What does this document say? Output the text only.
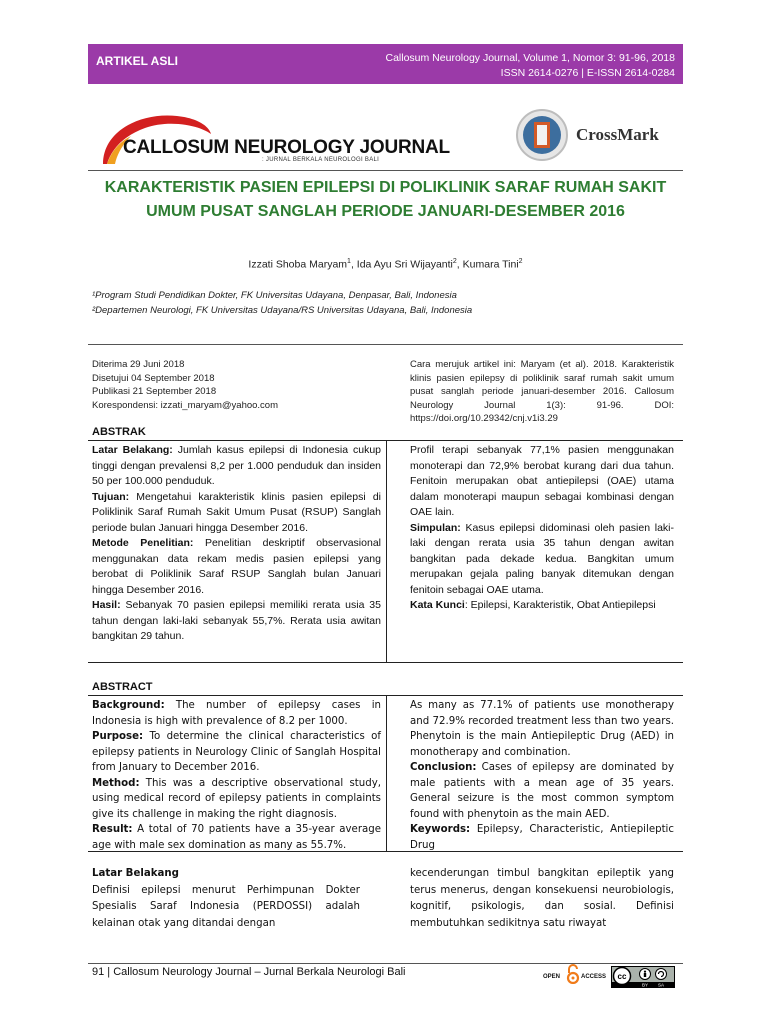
ARTIKEL ASLI	Callosum Neurology Journal, Volume 1, Nomor 3: 91-96, 2018
ISSN 2614-0276 | E-ISSN 2614-0284
CALLOSUM NEUROLOGY JOURNAL
: JURNAL BERKALA NEUROLOGI BALI
CrossMark
KARAKTERISTIK PASIEN EPILEPSI DI POLIKLINIK SARAF RUMAH SAKIT
UMUM PUSAT SANGLAH PERIODE JANUARI-DESEMBER 2016
Izzati Shoba Maryam$^1$, Ida Ayu Sri Wijayanti$^2$, Kumara Tini$^2$
¹Program Studi Pendidikan Dokter, FK Universitas Udayana, Denpasar, Bali, Indonesia
²Departemen Neurologi, FK Universitas Udayana/RS Universitas Udayana, Bali, Indonesia
Diterima 29 Juni 2018
Disetujui 04 September 2018
Publikasi 21 September 2018
Korespondensi: izzati_maryam@yahoo.com
Cara merujuk artikel ini: Maryam (et al). 2018. Karakteristik klinis pasien epilepsy di poliklinik saraf rumah sakit umum pusat sanglah periode januari-desember 2016. Callosum Neurology Journal 1(3): 91-96. DOI: https://doi.org/10.29342/cnj.v1i3.29
ABSTRAK

Latar Belakang: Jumlah kasus epilepsi di Indonesia cukup tinggi dengan prevalensi 8,2 per 1.000 penduduk dan insiden 50 per 100.000 penduduk.

Tujuan: Mengetahui karakteristik klinis pasien epilepsi di Poliklinik Saraf Rumah Sakit Umum Pusat (RSUP) Sanglah periode bulan Januari hingga Desember 2016.

Metode Penelitian: Penelitian deskriptif observasional menggunakan data rekam medis pasien epilepsi yang berobat di Poliklinik Saraf RSUP Sanglah bulan Januari hingga Desember 2016.

Hasil: Sebanyak 70 pasien epilepsi memiliki rerata usia 35 tahun dengan laki-laki sebanyak 55,7%. Rerata usia awitan bangkitan 29 tahun.

Profil terapi sebanyak 77,1% pasien menggunakan monoterapi dan 72,9% berobat kurang dari dua tahun. Fenitoin merupakan obat antiepilepsi (OAE) utama dalam monoterapi maupun sebagai kombinasi dengan OAE lain.

Simpulan: Kasus epilepsi didominasi oleh pasien laki- laki dengan rerata usia 35 tahun dengan awitan bangkitan pada dekade kedua. Bangkitan umum merupakan gejala paling banyak ditemukan dengan fenitoin sebagai OAE utama.

Kata Kunci: Epilepsi, Karakteristik, Obat Antiepilepsi

ABSTRACT

Background: The number of epilepsy cases in Indonesia is high with prevalence of 8.2 per 1000.

Purpose: To determine the clinical characteristics of epilepsy patients in Neurology Clinic of Sanglah Hospital from January to December 2016.

Method: This was a descriptive observational study, using medical record of epilepsy patients in complaints give its challenge in making the right diagnosis.

Result: A total of 70 patients have a 35-year average age with male sex domination as many as 55.7%.

As many as 77.1% of patients use monotherapy and 72.9% recorded treatment less than two years. Phenytoin is the main Antiepileptic Drug (AED) in monotherapy and combination.

Conclusion: Cases of epilepsy are dominated by male patients with a mean age of 35 years. General seizure is the most common symptom found with phenytoin as the main AED.

Keywords: Epilepsy, Characteristic, Antiepileptic Drug

Latar Belakang

Definisi epilepsi menurut Perhimpunan Dokter Spesialis Saraf Indonesia (PERDOSSI) adalah kelainan otak yang ditandai dengan

kecenderungan timbul bangkitan epileptik yang terus menerus, dengan konsekuensi neurobiologis, kognitif, psikologis, dan sosial. Definisi membutuhkan sedikitnya satu riwayat

91 | Callosum Neurology Journal – Jurnal Berkala Neurologi Bali	OPEN	ACCESS cc
BY SA
